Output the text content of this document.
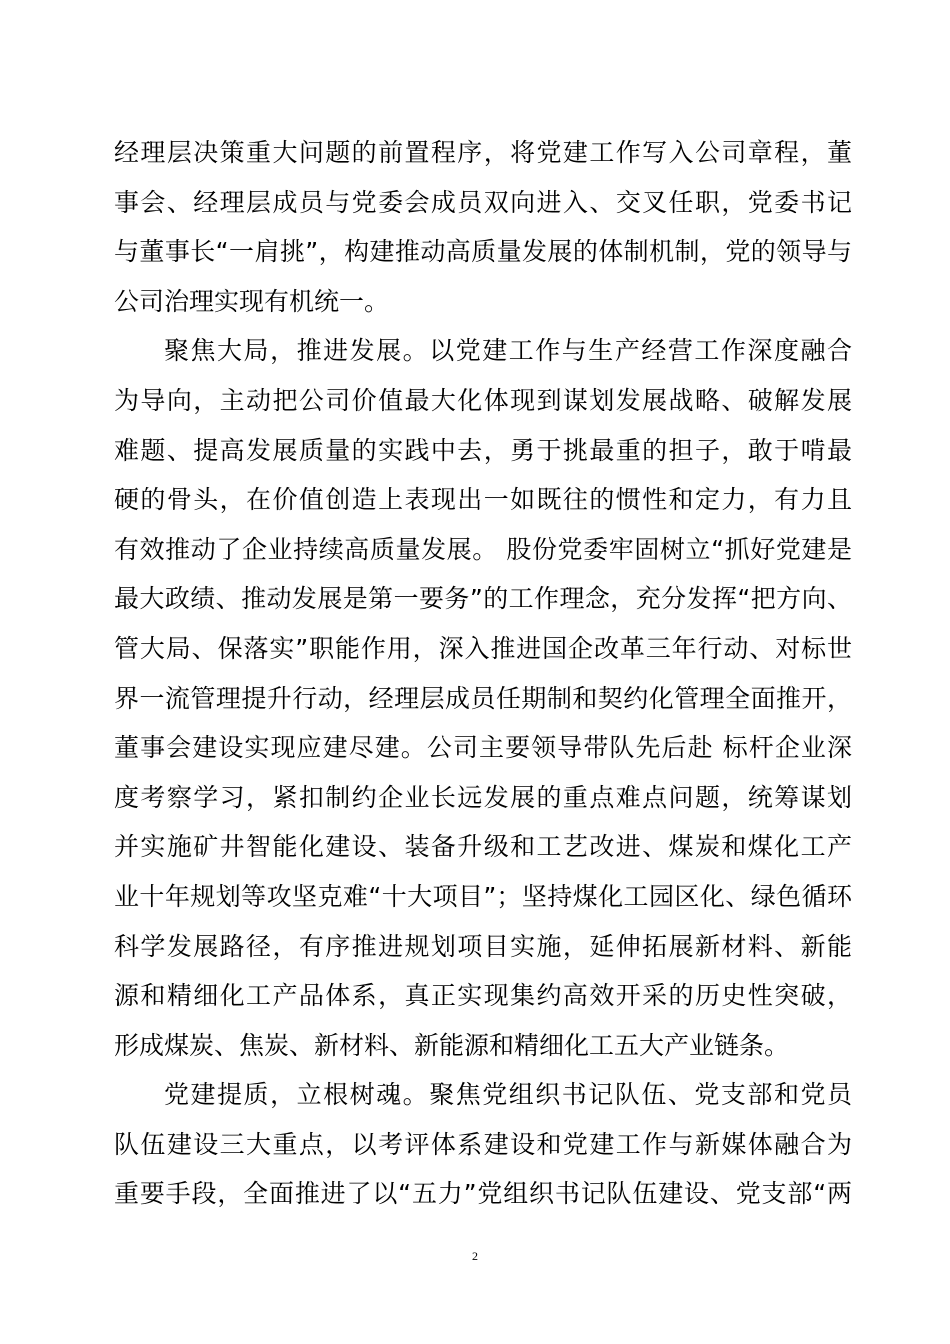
经理层决策重大问题的前置程序，将党建工作写入公司章程，董
事会、经理层成员与党委会成员双向进入、交叉任职，党委书记
与董事长“一肩挑”，构建推动高质量发展的体制机制，党的领导与
公司治理实现有机统一。
聚焦大局，推进发展。以党建工作与生产经营工作深度融合
为导向，主动把公司价值最大化体现到谋划发展战略、破解发展
难题、提高发展质量的实践中去，勇于挑最重的担子，敢于啃最
硬的骨头，在价值创造上表现出一如既往的惯性和定力，有力且
有效推动了企业持续高质量发展。 股份党委牢固树立“抓好党建是
最大政绩、推动发展是第一要务”的工作理念，充分发挥“把方向、
管大局、保落实”职能作用，深入推进国企改革三年行动、对标世
界一流管理提升行动，经理层成员任期制和契约化管理全面推开，
董事会建设实现应建尽建。公司主要领导带队先后赴 标杆企业深
度考察学习，紧扣制约企业长远发展的重点难点问题，统筹谋划
并实施矿井智能化建设、装备升级和工艺改进、煤炭和煤化工产
业十年规划等攻坚克难“十大项目”；坚持煤化工园区化、绿色循环
科学发展路径，有序推进规划项目实施，延伸拓展新材料、新能
源和精细化工产品体系，真正实现集约高效开采的历史性突破，
形成煤炭、焦炭、新材料、新能源和精细化工五大产业链条。
党建提质，立根树魂。聚焦党组织书记队伍、党支部和党员
队伍建设三大重点，以考评体系建设和党建工作与新媒体融合为
重要手段，全面推进了以“五力”党组织书记队伍建设、党支部“两
2
